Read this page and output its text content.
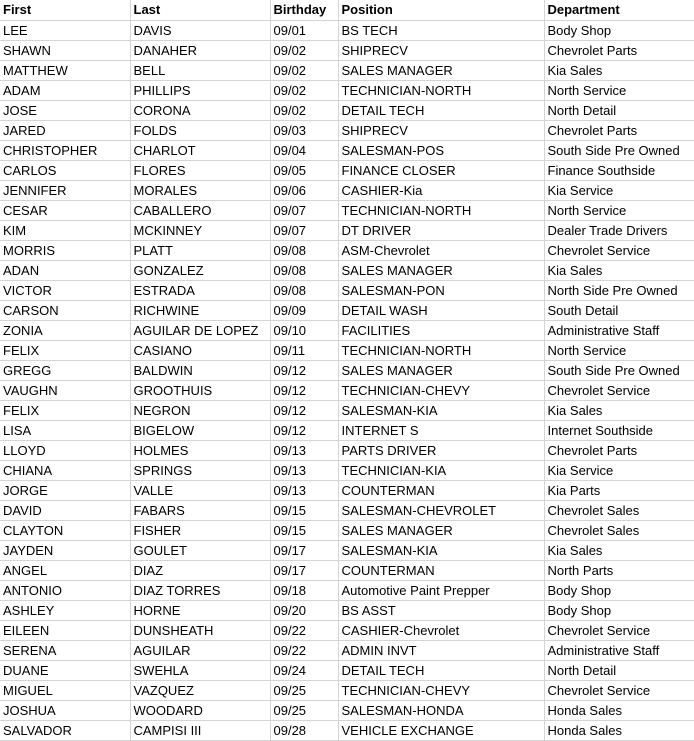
First	Last	Birthday	Position	Department
LEE	DAVIS	09/01	BS TECH	Body Shop
SHAWN	DANAHER	09/02	SHIPRECV	Chevrolet Parts
MATTHEW	BELL	09/02	SALES MANAGER	Kia Sales
ADAM	PHILLIPS	09/02	TECHNICIAN-NORTH	North Service
JOSE	CORONA	09/02	DETAIL TECH	North Detail
JARED	FOLDS	09/03	SHIPRECV	Chevrolet Parts
CHRISTOPHER	CHARLOT	09/04	SALESMAN-POS	South Side Pre Owned
CARLOS	FLORES	09/05	FINANCE CLOSER	Finance Southside
JENNIFER	MORALES	09/06	CASHIER-Kia	Kia Service
CESAR	CABALLERO	09/07	TECHNICIAN-NORTH	North Service
KIM	MCKINNEY	09/07	DT DRIVER	Dealer Trade Drivers
MORRIS	PLATT	09/08	ASM-Chevrolet	Chevrolet Service
ADAN	GONZALEZ	09/08	SALES MANAGER	Kia Sales
VICTOR	ESTRADA	09/08	SALESMAN-PON	North Side Pre Owned
CARSON	RICHWINE	09/09	DETAIL WASH	South Detail
ZONIA	AGUILAR DE LOPEZ	09/10	FACILITIES	Administrative Staff
FELIX	CASIANO	09/11	TECHNICIAN-NORTH	North Service
GREGG	BALDWIN	09/12	SALES MANAGER	South Side Pre Owned
VAUGHN	GROOTHUIS	09/12	TECHNICIAN-CHEVY	Chevrolet Service
FELIX	NEGRON	09/12	SALESMAN-KIA	Kia Sales
LISA	BIGELOW	09/12	INTERNET S	Internet Southside
LLOYD	HOLMES	09/13	PARTS DRIVER	Chevrolet Parts
CHIANA	SPRINGS	09/13	TECHNICIAN-KIA	Kia Service
JORGE	VALLE	09/13	COUNTERMAN	Kia Parts
DAVID	FABARS	09/15	SALESMAN-CHEVROLET	Chevrolet Sales
CLAYTON	FISHER	09/15	SALES MANAGER	Chevrolet Sales
JAYDEN	GOULET	09/17	SALESMAN-KIA	Kia Sales
ANGEL	DIAZ	09/17	COUNTERMAN	North Parts
ANTONIO	DIAZ TORRES	09/18	Automotive Paint Prepper	Body Shop
ASHLEY	HORNE	09/20	BS ASST	Body Shop
EILEEN	DUNSHEATH	09/22	CASHIER-Chevrolet	Chevrolet Service
SERENA	AGUILAR	09/22	ADMIN INVT	Administrative Staff
DUANE	SWEHLA	09/24	DETAIL TECH	North Detail
MIGUEL	VAZQUEZ	09/25	TECHNICIAN-CHEVY	Chevrolet Service
JOSHUA	WOODARD	09/25	SALESMAN-HONDA	Honda Sales
SALVADOR	CAMPISI III	09/28	VEHICLE EXCHANGE	Honda Sales
